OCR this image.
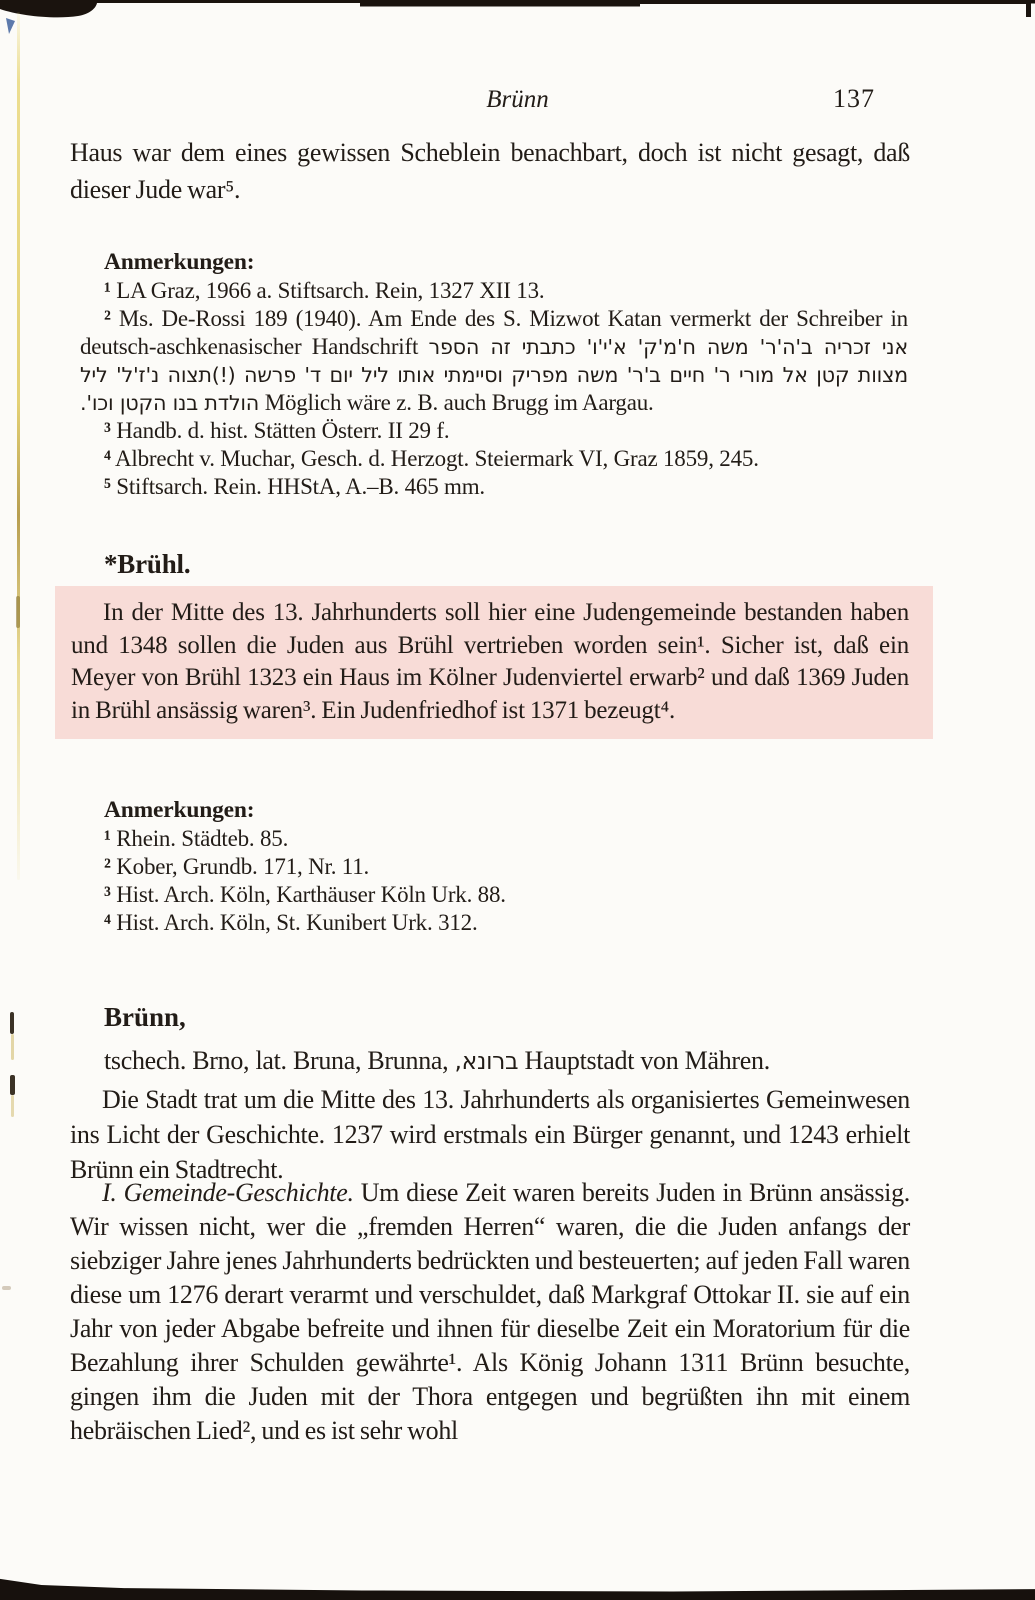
Brünn	137

Haus war dem eines gewissen Scheblein benachbart, doch ist nicht gesagt, daß dieser Jude war⁵.

Anmerkungen:

¹ LA Graz, 1966 a. Stiftsarch. Rein, 1327 XII 13.

² Ms. De-Rossi 189 (1940). Am Ende des S. Mizwot Katan vermerkt der Schreiber in deutsch-aschkenasischer Handschrift אני זכריה ב'ה'ר' משה ח'מ'ק' א'י'ו' כתבתי זה הספר מצוות קטן אל מורי ר' חיים ב'ר' משה מפריק וסיימתי אותו ליל יום ד' פרשה (!)תצוה נ'ז'ל' ליל הולדת בנו הקטן וכו'. Möglich wäre z. B. auch Brugg im Aargau.

³ Handb. d. hist. Stätten Österr. II 29 f.

⁴ Albrecht v. Muchar, Gesch. d. Herzogt. Steiermark VI, Graz 1859, 245.

⁵ Stiftsarch. Rein. HHStA, A.–B. 465 mm.

*Brühl.

In der Mitte des 13. Jahrhunderts soll hier eine Judengemeinde bestanden haben und 1348 sollen die Juden aus Brühl vertrieben worden sein¹. Sicher ist, daß ein Meyer von Brühl 1323 ein Haus im Kölner Judenviertel erwarb² und daß 1369 Juden in Brühl ansässig waren³. Ein Judenfriedhof ist 1371 bezeugt⁴.

Anmerkungen:

¹ Rhein. Städteb. 85.

² Kober, Grundb. 171, Nr. 11.

³ Hist. Arch. Köln, Karthäuser Köln Urk. 88.

⁴ Hist. Arch. Köln, St. Kunibert Urk. 312.

Brünn,

tschech. Brno, lat. Bruna, Brunna, ברונא, Hauptstadt von Mähren.

Die Stadt trat um die Mitte des 13. Jahrhunderts als organisiertes Gemeinwesen ins Licht der Geschichte. 1237 wird erstmals ein Bürger genannt, und 1243 erhielt Brünn ein Stadtrecht.

I. Gemeinde-Geschichte. Um diese Zeit waren bereits Juden in Brünn ansässig. Wir wissen nicht, wer die „fremden Herren“ waren, die die Juden anfangs der siebziger Jahre jenes Jahrhunderts bedrückten und besteuerten; auf jeden Fall waren diese um 1276 derart verarmt und verschuldet, daß Markgraf Ottokar II. sie auf ein Jahr von jeder Abgabe befreite und ihnen für dieselbe Zeit ein Moratorium für die Bezahlung ihrer Schulden gewährte¹. Als König Johann 1311 Brünn besuchte, gingen ihm die Juden mit der Thora entgegen und begrüßten ihn mit einem hebräischen Lied², und es ist sehr wohl
